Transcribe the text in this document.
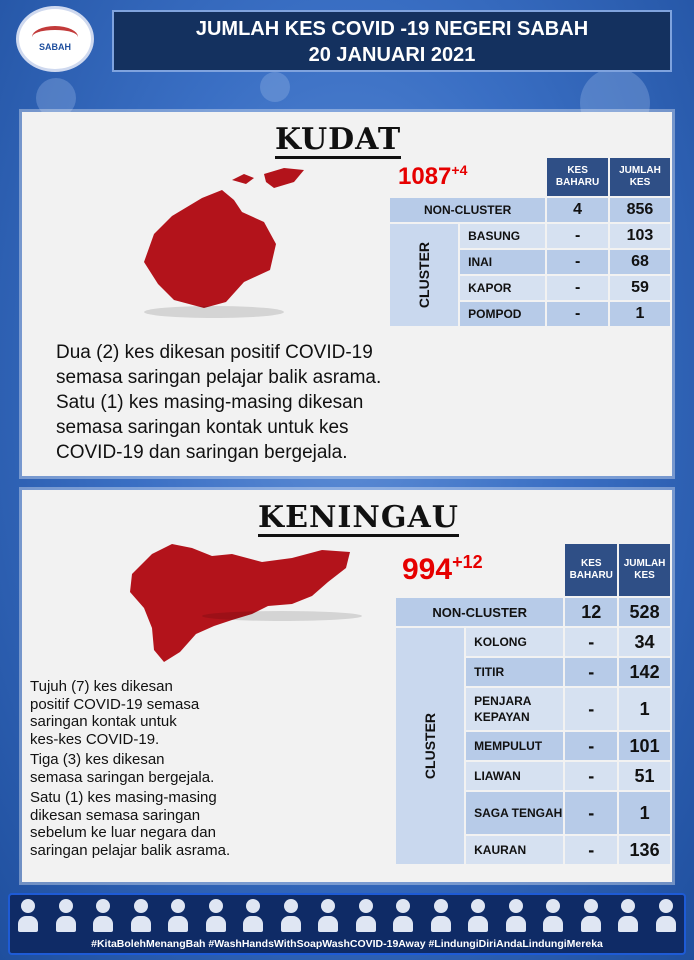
SABAH
JUMLAH KES COVID -19 NEGERI SABAH
20 JANUARI 2021
KUDAT
$1087^{+4}$
		KES BAHARU	JUMLAH KES
NON-CLUSTER		4	856
CLUSTER	BASUNG	-	103
	INAI	-	68
	KAPOR	-	59
	POMPOD	-	1
Dua (2) kes dikesan positif COVID-19
semasa saringan pelajar balik asrama.
Satu (1) kes masing-masing dikesan
semasa saringan kontak untuk kes
COVID-19 dan saringan bergejala.
KENINGAU
$994^{+12}$
		KES BAHARU	JUMLAH KES
NON-CLUSTER		12	528
CLUSTER	KOLONG	-	34
	TITIR	-	142
	PENJARA KEPAYAN	-	1
	MEMPULUT	-	101
	LIAWAN	-	51
	SAGA TENGAH	-	1
	KAURAN	-	136
Tujuh (7) kes dikesan
positif COVID-19 semasa
saringan kontak untuk
kes-kes COVID-19.
Tiga (3) kes dikesan
semasa saringan bergejala.
Satu (1) kes masing-masing
dikesan semasa saringan
sebelum ke luar negara dan
saringan pelajar balik asrama.
#KitaBolehMenangBah #WashHandsWithSoapWashCOVID-19Away #LindungiDiriAndaLindungiMereka
